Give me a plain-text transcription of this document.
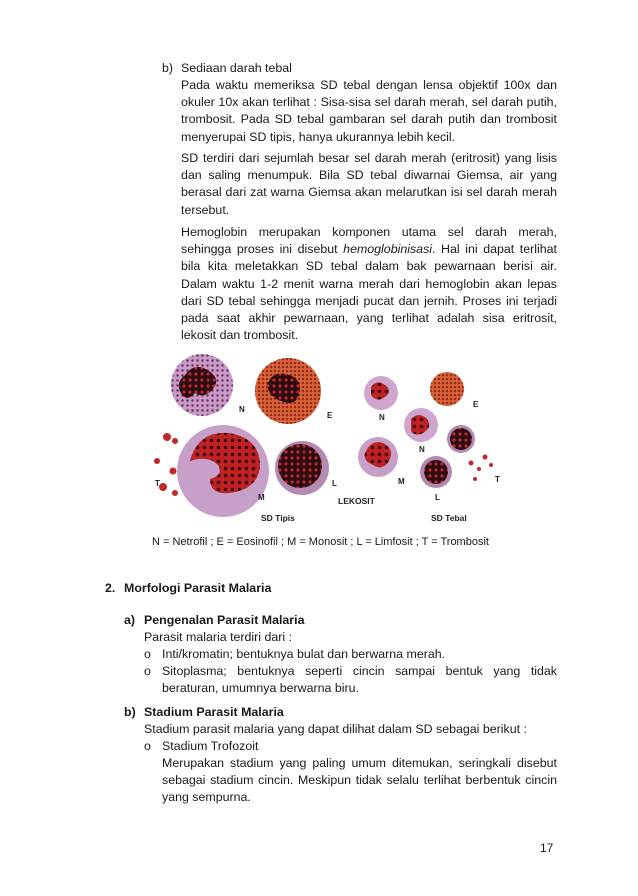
b) Sediaan darah tebal

Pada waktu memeriksa SD tebal dengan lensa objektif 100x dan okuler 10x akan terlihat : Sisa-sisa sel darah merah, sel darah putih, trombosit. Pada SD tebal gambaran sel darah putih dan trombosit menyerupai SD tipis, hanya ukurannya lebih kecil.

SD terdiri dari sejumlah besar sel darah merah (eritrosit) yang lisis dan saling menumpuk. Bila SD tebal diwarnai Giemsa, air yang berasal dari zat warna Giemsa akan melarutkan isi sel darah merah tersebut.

Hemoglobin merupakan komponen utama sel darah merah, sehingga proses ini disebut hemoglobinisasi. Hal ini dapat terlihat bila kita meletakkan SD tebal dalam bak pewarnaan berisi air. Dalam waktu 1-2 menit warna merah dari hemoglobin akan lepas dari SD tebal sehingga menjadi pucat dan jernih. Proses ini terjadi pada saat akhir pewarnaan, yang terlihat adalah sisa eritrosit, lekosit dan trombosit.

N
E
T
M
L
N
E
N
M
L
T
LEKOSIT
SD Tipis	SD Tebal
N = Netrofil ; E = Eosinofil ; M = Monosit ; L = Limfosit ; T = Trombosit
2. Morfologi Parasit Malaria
a) Pengenalan Parasit Malaria
Parasit malaria terdiri dari :
o Inti/kromatin; bentuknya bulat dan berwarna merah.
o Sitoplasma; bentuknya seperti cincin sampai bentuk yang tidak beraturan, umumnya berwarna biru.
b) Stadium Parasit Malaria
Stadium parasit malaria yang dapat dilihat dalam SD sebagai berikut :
o Stadium Trofozoit
Merupakan stadium yang paling umum ditemukan, seringkali disebut sebagai stadium cincin. Meskipun tidak selalu terlihat berbentuk cincin yang sempurna.
17
